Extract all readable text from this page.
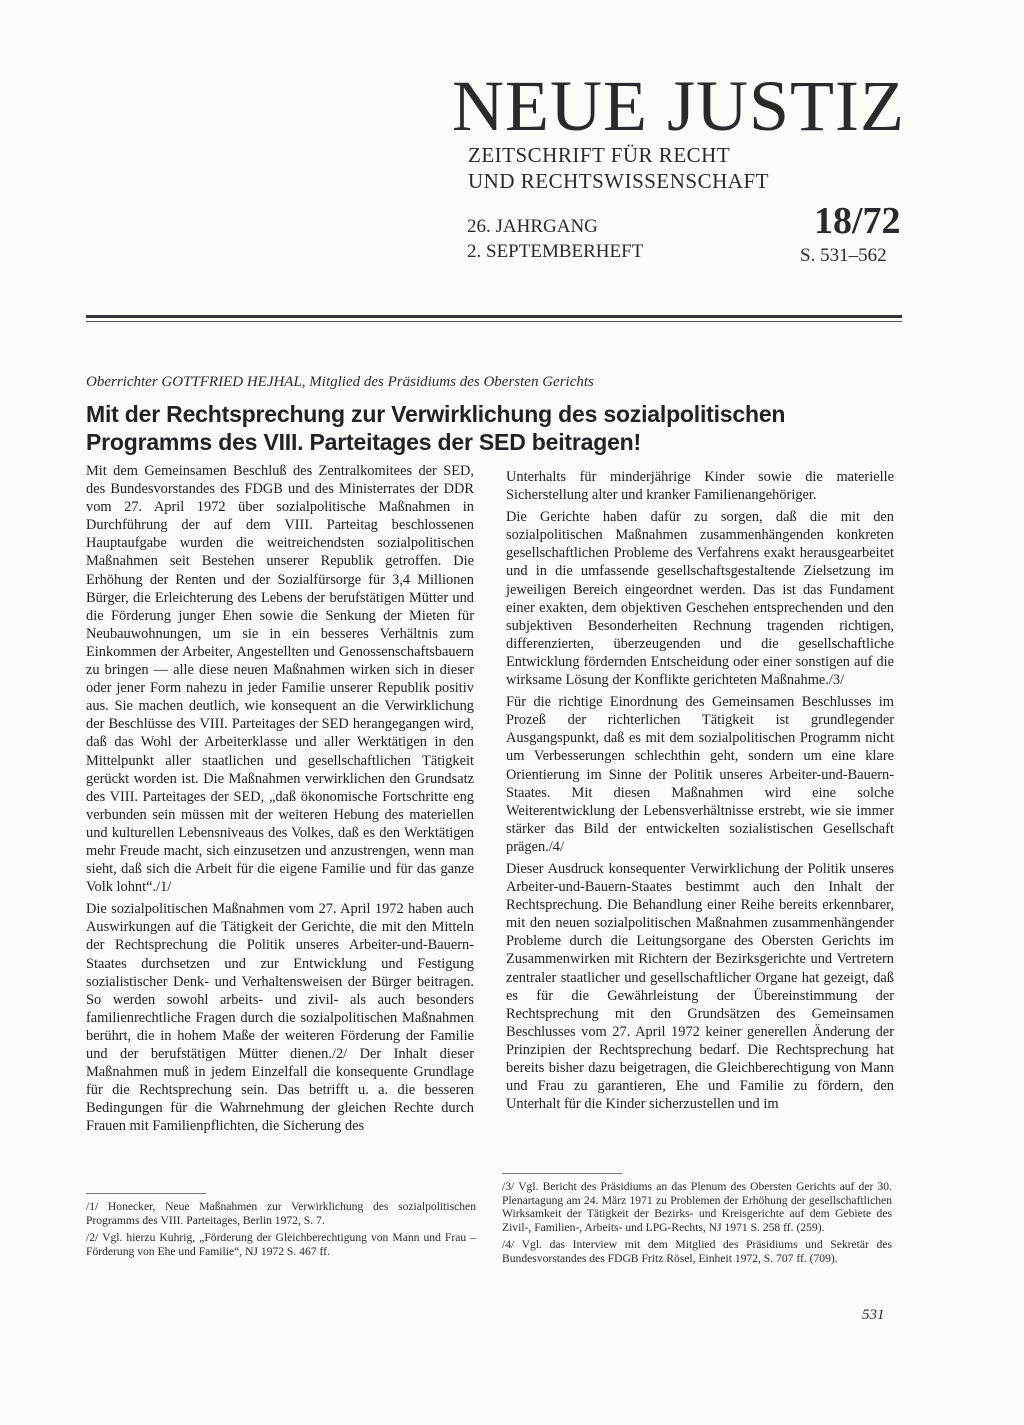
NEUE JUSTIZ
ZEITSCHRIFT FÜR RECHT
UND RECHTSWISSENSCHAFT
26. JAHRGANG
2. SEPTEMBERHEFT
18/72
S. 531–562
Oberrichter GOTTFRIED HEJHAL, Mitglied des Präsidiums des Obersten Gerichts
Mit der Rechtsprechung zur Verwirklichung des sozialpolitischen Programms des VIII. Parteitages der SED beitragen!

Mit dem Gemeinsamen Beschluß des Zentralkomitees der SED, des Bundesvorstandes des FDGB und des Ministerrates der DDR vom 27. April 1972 über sozialpolitische Maßnahmen in Durchführung der auf dem VIII. Parteitag beschlossenen Hauptaufgabe wurden die weitreichendsten sozialpolitischen Maßnahmen seit Bestehen unserer Republik getroffen. Die Erhöhung der Renten und der Sozialfürsorge für 3,4 Millionen Bürger, die Erleichterung des Lebens der berufstätigen Mütter und die Förderung junger Ehen sowie die Senkung der Mieten für Neubauwohnungen, um sie in ein besseres Verhältnis zum Einkommen der Arbeiter, Angestellten und Genossenschaftsbauern zu bringen — alle diese neuen Maßnahmen wirken sich in dieser oder jener Form nahezu in jeder Familie unserer Republik positiv aus. Sie machen deutlich, wie konsequent an die Verwirklichung der Beschlüsse des VIII. Parteitages der SED herangegangen wird, daß das Wohl der Arbeiterklasse und aller Werktätigen in den Mittelpunkt aller staatlichen und gesellschaftlichen Tätigkeit gerückt worden ist. Die Maßnahmen verwirklichen den Grundsatz des VIII. Parteitages der SED, „daß ökonomische Fortschritte eng verbunden sein müssen mit der weiteren Hebung des materiellen und kulturellen Lebensniveaus des Volkes, daß es den Werktätigen mehr Freude macht, sich einzusetzen und anzustrengen, wenn man sieht, daß sich die Arbeit für die eigene Familie und für das ganze Volk lohnt“./1/

Die sozialpolitischen Maßnahmen vom 27. April 1972 haben auch Auswirkungen auf die Tätigkeit der Gerichte, die mit den Mitteln der Rechtsprechung die Politik unseres Arbeiter-und-Bauern-Staates durchsetzen und zur Entwicklung und Festigung sozialistischer Denk- und Verhaltensweisen der Bürger beitragen. So werden sowohl arbeits- und zivil- als auch besonders familienrechtliche Fragen durch die sozialpolitischen Maßnahmen berührt, die in hohem Maße der weiteren Förderung der Familie und der berufstätigen Mütter dienen./2/ Der Inhalt dieser Maßnahmen muß in jedem Einzelfall die konsequente Grundlage für die Rechtsprechung sein. Das betrifft u. a. die besseren Bedingungen für die Wahrnehmung der gleichen Rechte durch Frauen mit Familienpflichten, die Sicherung des

Unterhalts für minderjährige Kinder sowie die materielle Sicherstellung alter und kranker Familienangehöriger.

Die Gerichte haben dafür zu sorgen, daß die mit den sozialpolitischen Maßnahmen zusammenhängenden konkreten gesellschaftlichen Probleme des Verfahrens exakt herausgearbeitet und in die umfassende gesellschaftsgestaltende Zielsetzung im jeweiligen Bereich eingeordnet werden. Das ist das Fundament einer exakten, dem objektiven Geschehen entsprechenden und den subjektiven Besonderheiten Rechnung tragenden richtigen, differenzierten, überzeugenden und die gesellschaftliche Entwicklung fördernden Entscheidung oder einer sonstigen auf die wirksame Lösung der Konflikte gerichteten Maßnahme./3/

Für die richtige Einordnung des Gemeinsamen Beschlusses im Prozeß der richterlichen Tätigkeit ist grundlegender Ausgangspunkt, daß es mit dem sozialpolitischen Programm nicht um Verbesserungen schlechthin geht, sondern um eine klare Orientierung im Sinne der Politik unseres Arbeiter-und-Bauern-Staates. Mit diesen Maßnahmen wird eine solche Weiterentwicklung der Lebensverhältnisse erstrebt, wie sie immer stärker das Bild der entwickelten sozialistischen Gesellschaft prägen./4/

Dieser Ausdruck konsequenter Verwirklichung der Politik unseres Arbeiter-und-Bauern-Staates bestimmt auch den Inhalt der Rechtsprechung. Die Behandlung einer Reihe bereits erkennbarer, mit den neuen sozialpolitischen Maßnahmen zusammenhängender Probleme durch die Leitungsorgane des Obersten Gerichts im Zusammenwirken mit Richtern der Bezirksgerichte und Vertretern zentraler staatlicher und gesellschaftlicher Organe hat gezeigt, daß es für die Gewährleistung der Übereinstimmung der Rechtsprechung mit den Grundsätzen des Gemeinsamen Beschlusses vom 27. April 1972 keiner generellen Änderung der Prinzipien der Rechtsprechung bedarf. Die Rechtsprechung hat bereits bisher dazu beigetragen, die Gleichberechtigung von Mann und Frau zu garantieren, Ehe und Familie zu fördern, den Unterhalt für die Kinder sicherzustellen und im

/1/ Honecker, Neue Maßnahmen zur Verwirklichung des sozialpolitischen Programms des VIII. Parteitages, Berlin 1972, S. 7.

/2/ Vgl. hierzu Kuhrig, „Förderung der Gleichberechtigung von Mann und Frau – Förderung von Ehe und Familie“, NJ 1972 S. 467 ff.

/3/ Vgl. Bericht des Präsidiums an das Plenum des Obersten Gerichts auf der 30. Plenartagung am 24. März 1971 zu Problemen der Erhöhung der gesellschaftlichen Wirksamkeit der Tätigkeit der Bezirks- und Kreisgerichte auf dem Gebiete des Zivil-, Familien-, Arbeits- und LPG-Rechts, NJ 1971 S. 258 ff. (259).

/4/ Vgl. das Interview mit dem Mitglied des Präsidiums und Sekretär des Bundesvorstandes des FDGB Fritz Rösel, Einheit 1972, S. 707 ff. (709).

531
